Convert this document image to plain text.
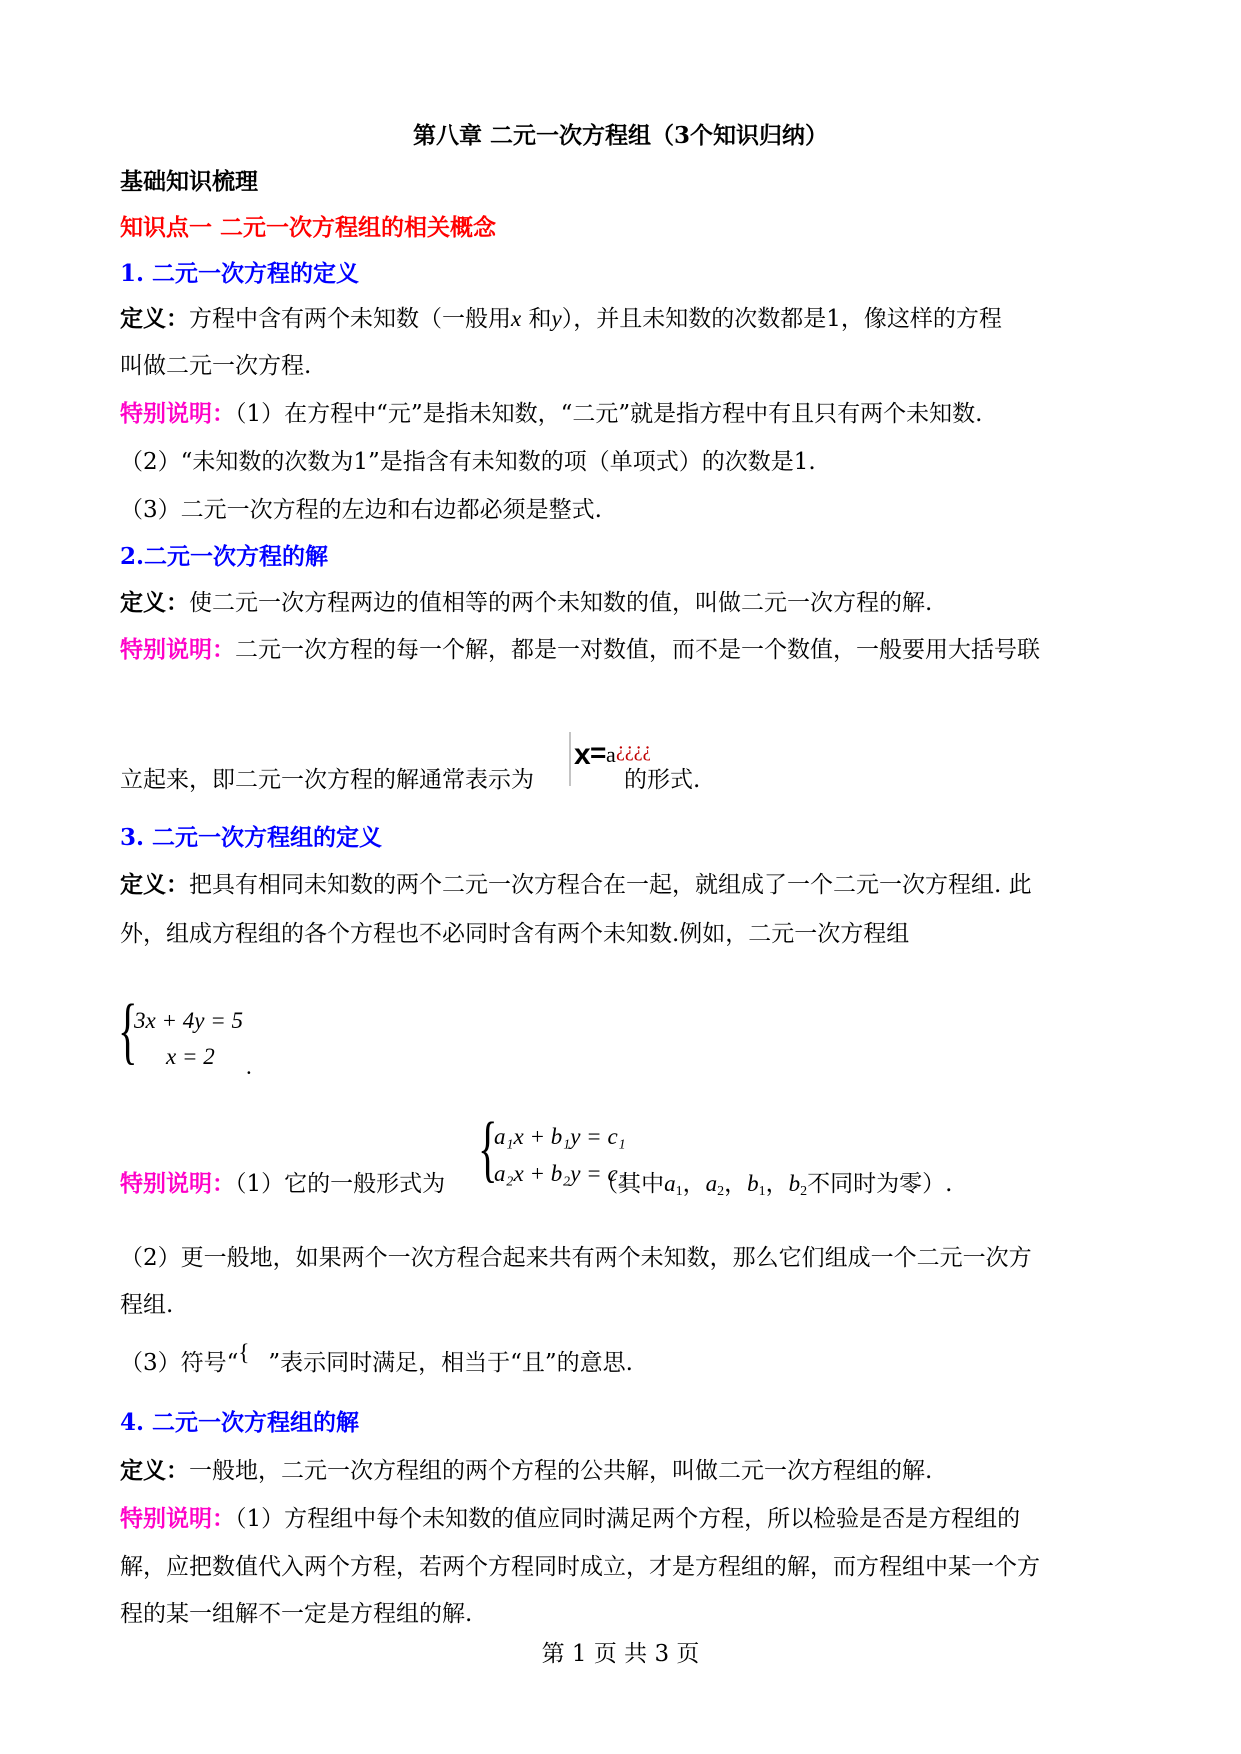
第八章 二元一次方程组（3个知识归纳）
基础知识梳理
知识点一 二元一次方程组的相关概念
1. 二元一次方程的定义
定义：方程中含有两个未知数（一般用x 和y），并且未知数的次数都是1，像这样的方程
叫做二元一次方程.
特别说明：（1）在方程中“元”是指未知数，“二元”就是指方程中有且只有两个未知数.
（2）“未知数的次数为1”是指含有未知数的项（单项式）的次数是1.
（3）二元一次方程的左边和右边都必须是整式.
2.二元一次方程的解
定义：使二元一次方程两边的值相等的两个未知数的值，叫做二元一次方程的解.
特别说明：二元一次方程的每一个解，都是一对数值，而不是一个数值，一般要用大括号联
立起来，即二元一次方程的解通常表示为	的形式.
x = a ¿¿¿¿
3. 二元一次方程组的定义
定义：把具有相同未知数的两个二元一次方程合在一起，就组成了一个二元一次方程组. 此
外，组成方程组的各个方程也不必同时含有两个未知数.例如，二元一次方程组
{
3x + 4y = 5
x = 2 .
{
a₁x + b₁y = c₁
a₂x + b₂y = c₂
特别说明：（1）它的一般形式为	（其中$a_1$，$a_2$，$b_1$，$b_2$不同时为零）.
（2）更一般地，如果两个一次方程合起来共有两个未知数，那么它们组成一个二元一次方
程组.
（3）符号“{ ”表示同时满足，相当于“且”的意思.
4. 二元一次方程组的解
定义：一般地，二元一次方程组的两个方程的公共解，叫做二元一次方程组的解.
特别说明：（1）方程组中每个未知数的值应同时满足两个方程，所以检验是否是方程组的
解，应把数值代入两个方程，若两个方程同时成立，才是方程组的解，而方程组中某一个方
程的某一组解不一定是方程组的解.
第 1 页 共 3 页
